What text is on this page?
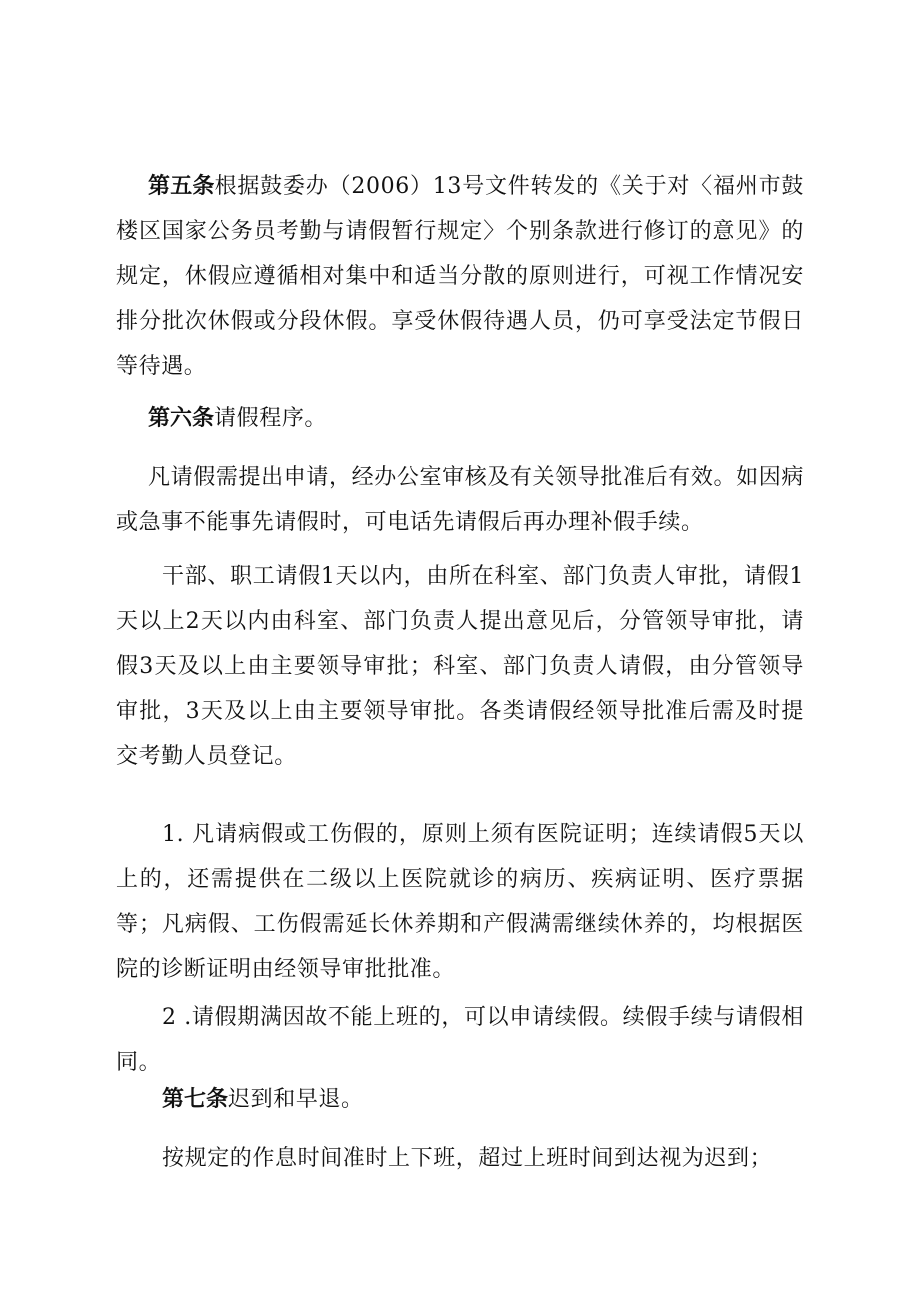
第五条根据鼓委办（2006）13号文件转发的《关于对〈福州市鼓楼区国家公务员考勤与请假暂行规定〉个别条款进行修订的意见》的规定，休假应遵循相对集中和适当分散的原则进行，可视工作情况安排分批次休假或分段休假。享受休假待遇人员，仍可享受法定节假日等待遇。

第六条请假程序。

凡请假需提出申请，经办公室审核及有关领导批准后有效。如因病或急事不能事先请假时，可电话先请假后再办理补假手续。

干部、职工请假1天以内，由所在科室、部门负责人审批，请假1天以上2天以内由科室、部门负责人提出意见后，分管领导审批，请假3天及以上由主要领导审批；科室、部门负责人请假，由分管领导审批，3天及以上由主要领导审批。各类请假经领导批准后需及时提交考勤人员登记。

1. 凡请病假或工伤假的，原则上须有医院证明；连续请假5天以上的，还需提供在二级以上医院就诊的病历、疾病证明、医疗票据等；凡病假、工伤假需延长休养期和产假满需继续休养的，均根据医院的诊断证明由经领导审批批准。

2 .请假期满因故不能上班的，可以申请续假。续假手续与请假相同。

第七条迟到和早退。

按规定的作息时间准时上下班，超过上班时间到达视为迟到；
